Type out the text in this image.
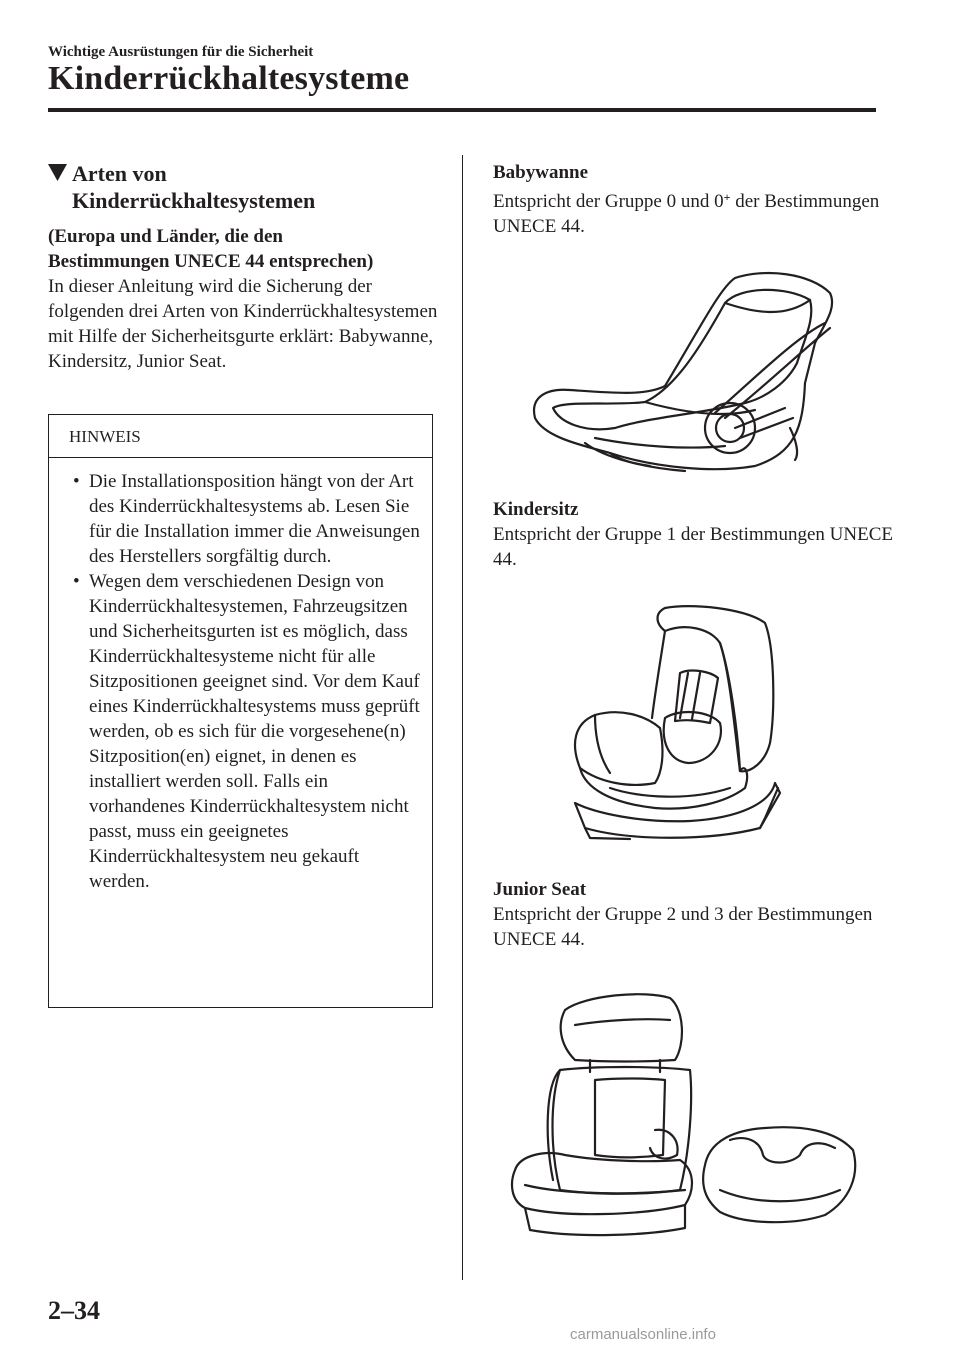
Wichtige Ausrüstungen für die Sicherheit
Kinderrückhaltesysteme
Arten von
Kinderrückhaltesystemen
(Europa und Länder, die den
Bestimmungen UNECE 44 entsprechen)
In dieser Anleitung wird die Sicherung der folgenden drei Arten von Kinderrückhaltesystemen mit Hilfe der Sicherheitsgurte erklärt: Babywanne, Kindersitz, Junior Seat.
HINWEIS
• Die Installationsposition hängt von der Art des Kinderrückhaltesystems ab. Lesen Sie für die Installation immer die Anweisungen des Herstellers sorgfältig durch.
• Wegen dem verschiedenen Design von Kinderrückhaltesystemen, Fahrzeugsitzen und Sicherheitsgurten ist es möglich, dass Kinderrückhaltesysteme nicht für alle Sitzpositionen geeignet sind. Vor dem Kauf eines Kinderrückhaltesystems muss geprüft werden, ob es sich für die vorgesehene(n) Sitzposition(en) eignet, in denen es installiert werden soll. Falls ein vorhandenes Kinderrückhaltesystem nicht passt, muss ein geeignetes Kinderrückhaltesystem neu gekauft werden.
Babywanne
Entspricht der Gruppe 0 und 0+ der Bestimmungen UNECE 44.
Kindersitz
Entspricht der Gruppe 1 der Bestimmungen UNECE 44.
Junior Seat
Entspricht der Gruppe 2 und 3 der Bestimmungen UNECE 44.
2–34
carmanualsonline.info
